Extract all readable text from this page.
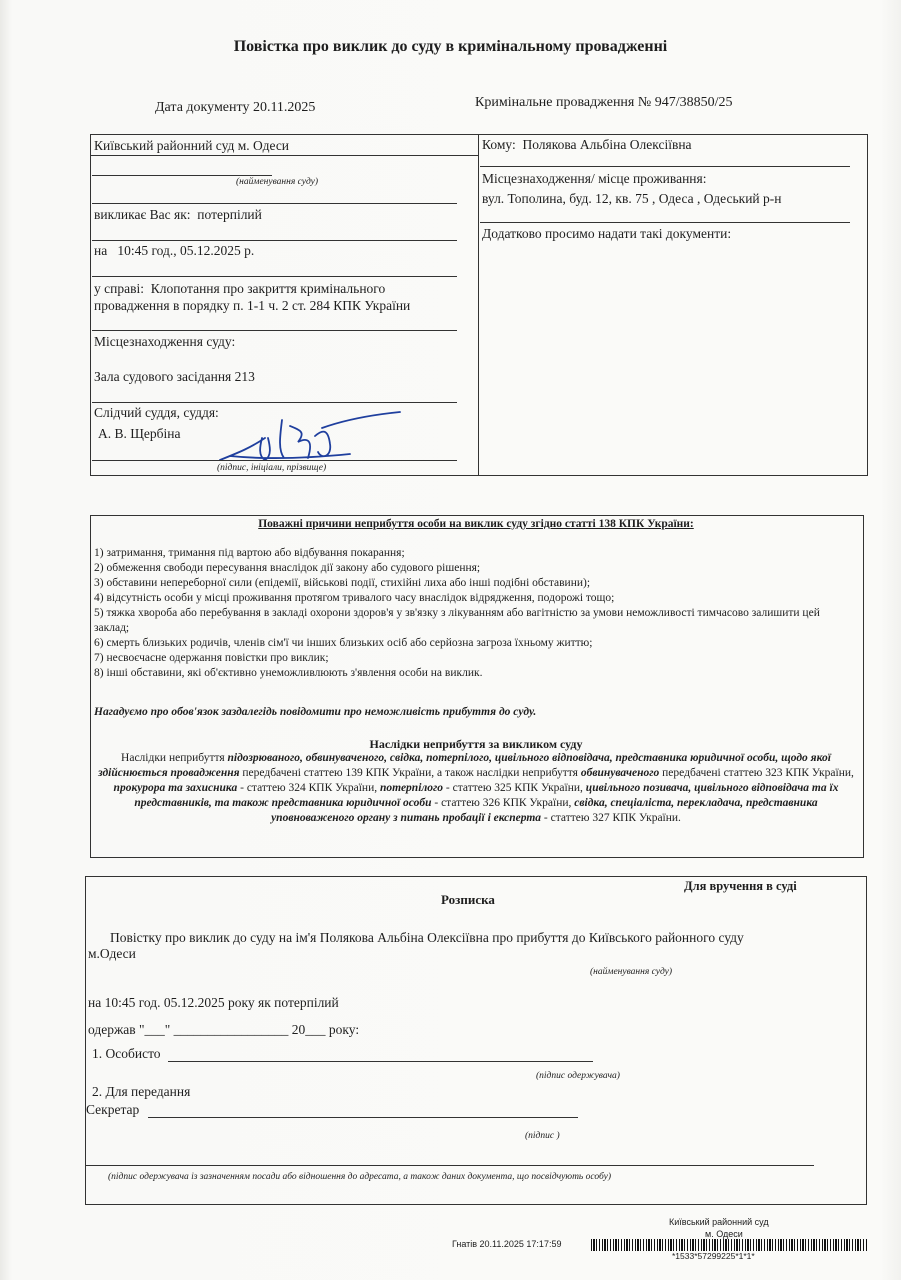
Повістка про виклик до суду в кримінальному провадженні
Дата документу 20.11.2025	Кримінальне провадження № 947/38850/25
Київський районний суд м. Одеси
(найменування суду)
викликає Вас як: потерпілий
на 10:45 год., 05.12.2025 р.
у справі: Клопотання про закриття кримінального провадження в порядку п. 1-1 ч. 2 ст. 284 КПК України
Місцезнаходження суду:
Зала судового засідання 213
Слідчий суддя, суддя:
А. В. Щербіна
(підпис, ініціали, прізвище)
Кому: Полякова Альбіна Олексіївна
Місцезнаходження/ місце проживання:
вул. Тополина, буд. 12, кв. 75 , Одеса , Одеський р-н
Додатково просимо надати такі документи:
Поважні причини неприбуття особи на виклик суду згідно статті 138 КПК України:
1) затримання, тримання під вартою або відбування покарання;
2) обмеження свободи пересування внаслідок дії закону або судового рішення;
3) обставини непереборної сили (епідемії, військові події, стихійні лиха або інші подібні обставини);
4) відсутність особи у місці проживання протягом тривалого часу внаслідок відрядження, подорожі тощо;
5) тяжка хвороба або перебування в закладі охорони здоров'я у зв'язку з лікуванням або вагітністю за умови неможливості тимчасово залишити цей заклад;
6) смерть близьких родичів, членів сім'ї чи інших близьких осіб або серйозна загроза їхньому життю;
7) несвоєчасне одержання повістки про виклик;
8) інші обставини, які об'єктивно унеможливлюють з'явлення особи на виклик.
Нагадуємо про обов'язок заздалегідь повідомити про неможливість прибуття до суду.
Наслідки неприбуття за викликом суду
Наслідки неприбуття підозрюваного, обвинуваченого, свідка, потерпілого, цивільного відповідача, представника юридичної особи, щодо якої здійснюється провадження передбачені статтею 139 КПК України, а також наслідки неприбуття обвинуваченого передбачені статтею 323 КПК України, прокурора та захисника - статтею 324 КПК України, потерпілого - статтею 325 КПК України, цивільного позивача, цивільного відповідача та їх представників, та також представника юридичної особи - статтею 326 КПК України, свідка, спеціаліста, перекладача, представника уповноваженого органу з питань пробації і експерта - статтею 327 КПК України.
Для вручення в суді
Розписка
Повістку про виклик до суду на ім'я Полякова Альбіна Олексіївна про прибуття до Київського районного суду
м.Одеси
(найменування суду)
на 10:45 год. 05.12.2025 року як потерпілий
одержав "___" _________________ 20___ року:
1. Особисто
(підпис одержувача)
2. Для передання
Секретар
(підпис )
(підпис одержувача із зазначенням посади або відношення до адресата, а також даних документа, що посвідчують особу)
Київський районний суд
м. Одеси
Гнатів 20.11.2025 17:17:59
*1533*57299225*1*1*
